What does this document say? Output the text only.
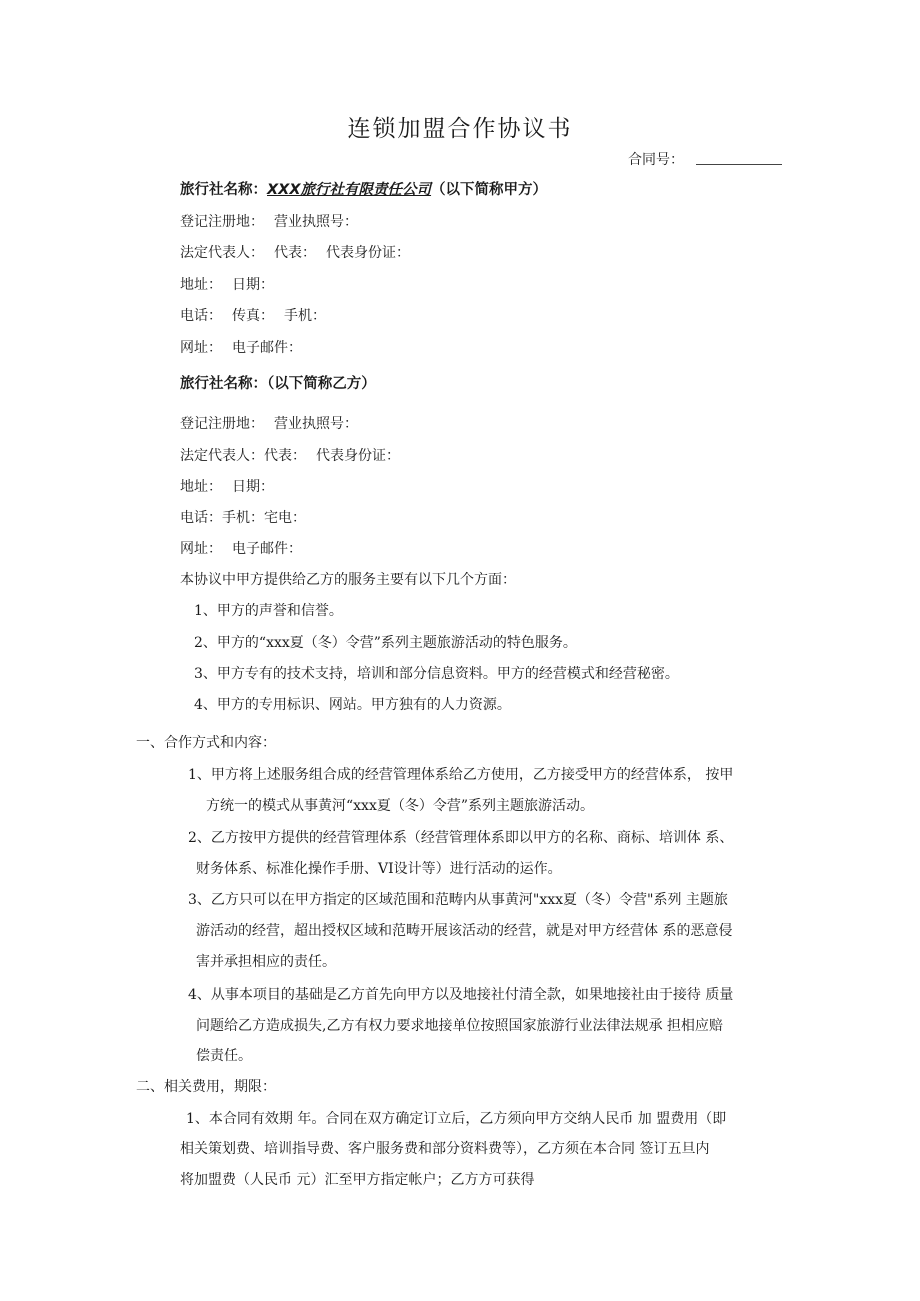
连锁加盟合作协议书
合同号：
旅行社名称：XXX旅行社有限责任公司（以下简称甲方）
登记注册地： 营业执照号：
法定代表人： 代表： 代表身份证：
地址： 日期：
电话： 传真： 手机：
网址： 电子邮件：
旅行社名称：（以下简称乙方）
登记注册地： 营业执照号：
法定代表人：代表： 代表身份证：
地址： 日期：
电话：手机：宅电：
网址： 电子邮件：
本协议中甲方提供给乙方的服务主要有以下几个方面：
1、甲方的声誉和信誉。
2、甲方的“xxx夏（冬）令营”系列主题旅游活动的特色服务。
3、甲方专有的技术支持，培训和部分信息资料。甲方的经营模式和经营秘密。
4、甲方的专用标识、网站。甲方独有的人力资源。
一、合作方式和内容：
1、甲方将上述服务组合成的经营管理体系给乙方使用，乙方接受甲方的经营体系， 按甲
方统一的模式从事黄河“xxx夏（冬）令营”系列主题旅游活动。
2、乙方按甲方提供的经营管理体系（经营管理体系即以甲方的名称、商标、培训体 系、
财务体系、标准化操作手册、VI设计等）进行活动的运作。
3、乙方只可以在甲方指定的区域范围和范畴内从事黄河"xxx夏（冬）令营"系列 主题旅
游活动的经营，超出授权区域和范畴开展该活动的经营，就是对甲方经营体 系的恶意侵
害并承担相应的责任。
4、从事本项目的基础是乙方首先向甲方以及地接社付清全款，如果地接社由于接待 质量
问题给乙方造成损失,乙方有权力要求地接单位按照国家旅游行业法律法规承 担相应赔
偿责任。
二、相关费用，期限：
1、本合同有效期 年。合同在双方确定订立后，乙方须向甲方交纳人民币 加 盟费用（即
相关策划费、培训指导费、客户服务费和部分资料费等），乙方须在本合同 签订五旦内
将加盟费（人民币 元）汇至甲方指定帐户；乙方方可获得
